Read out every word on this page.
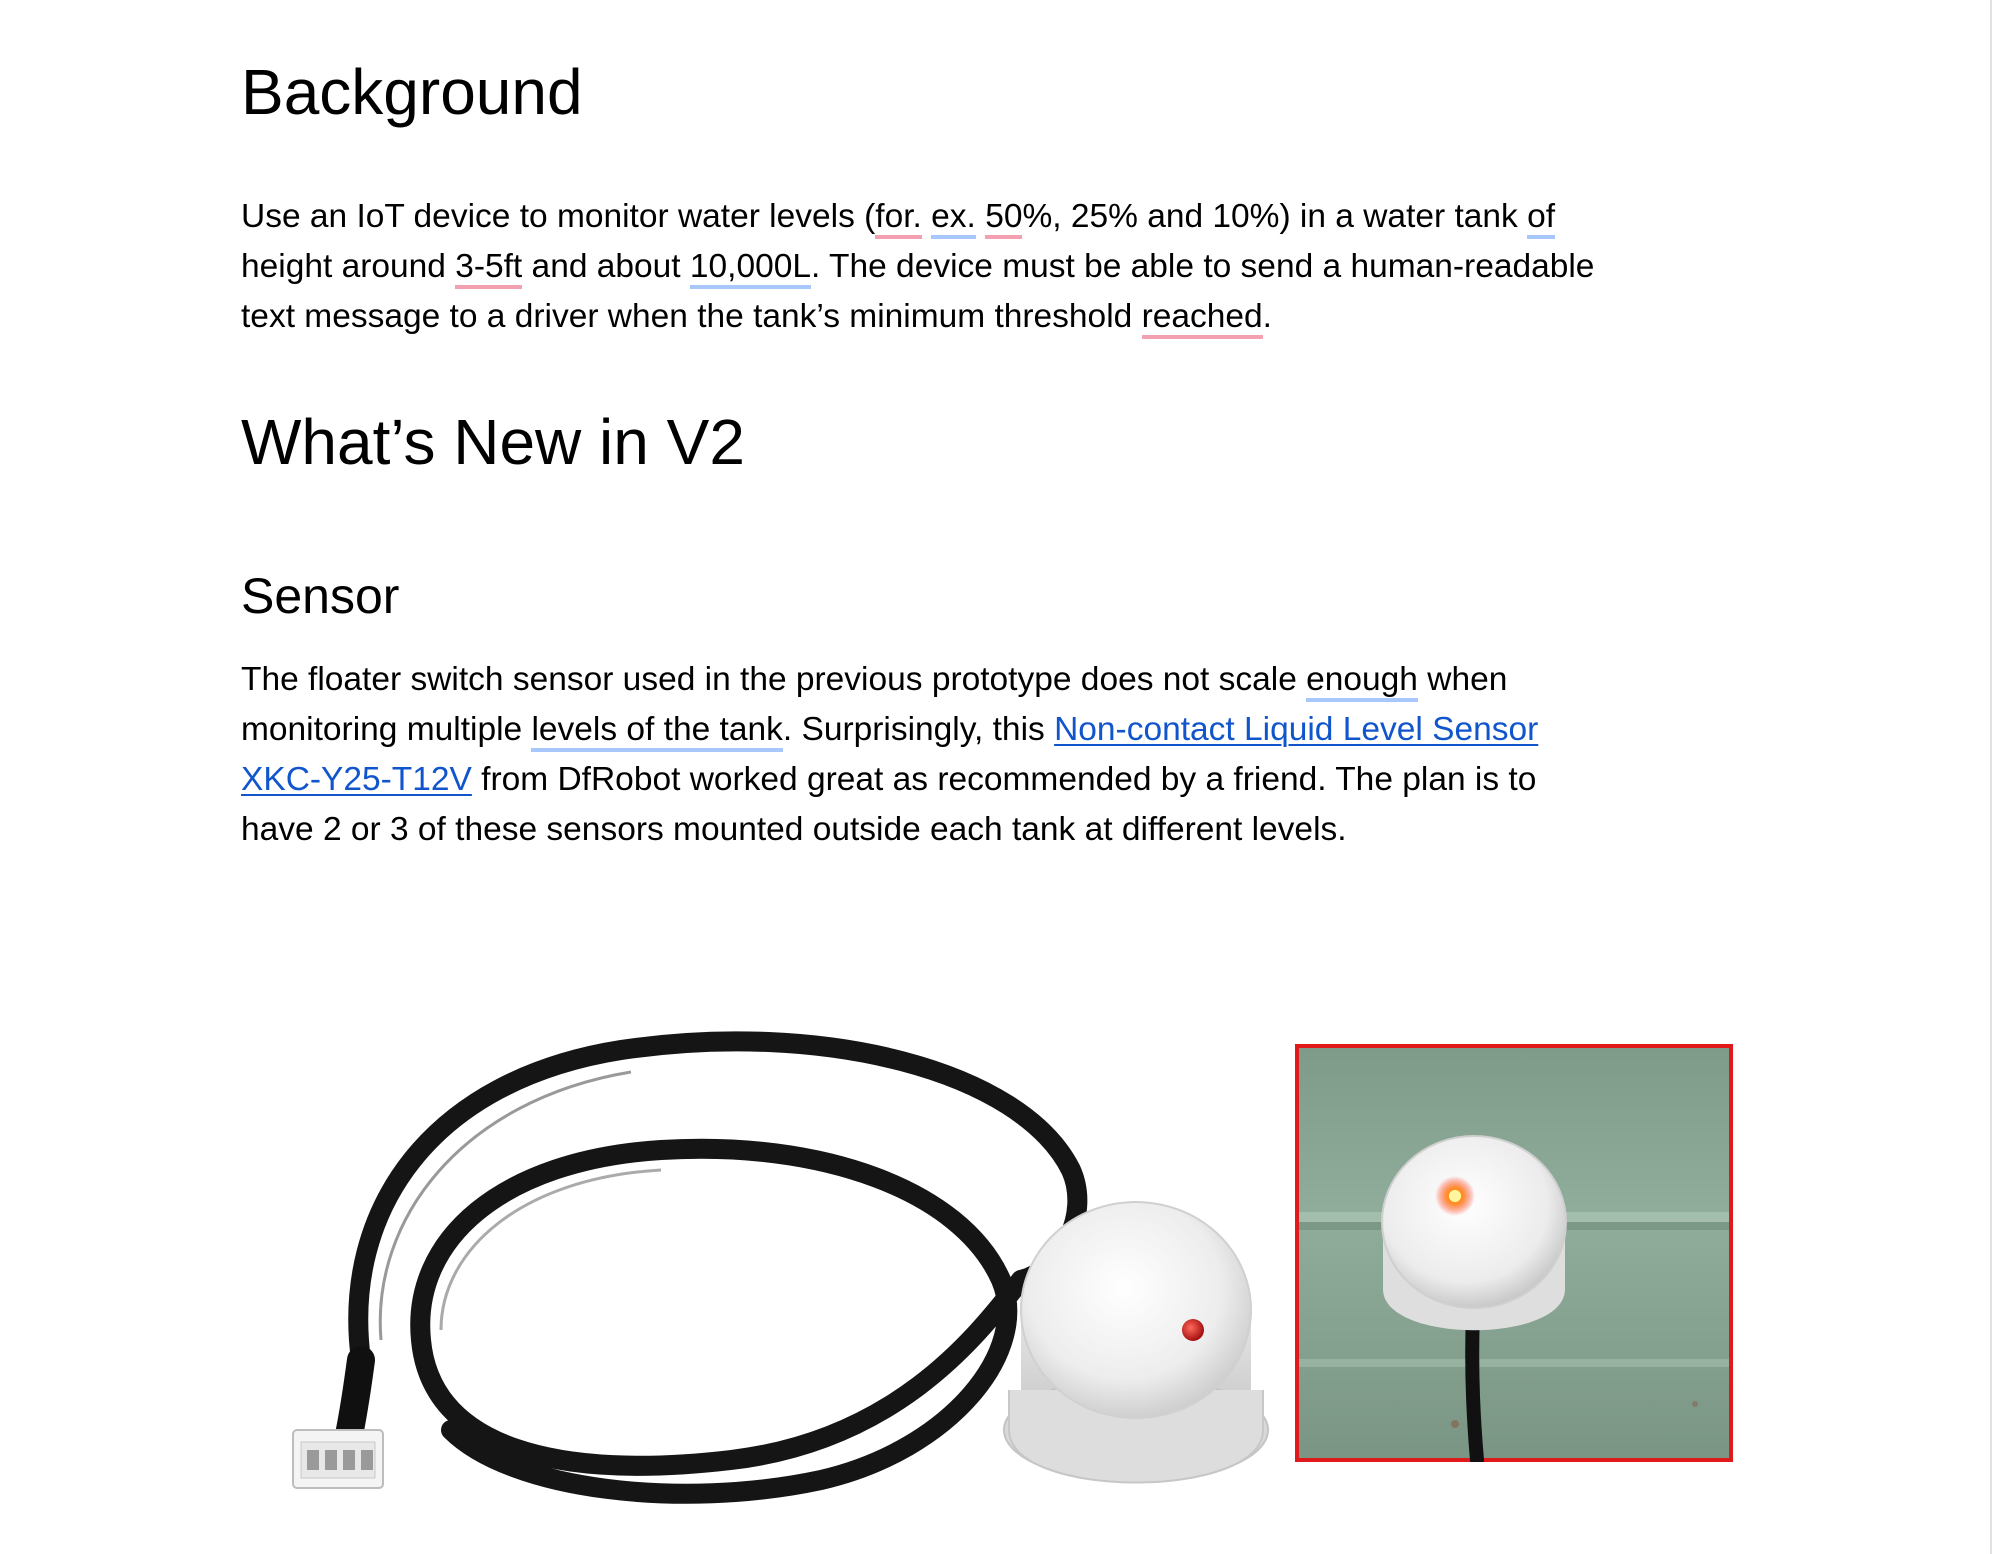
Background
Use an IoT device to monitor water levels (for. ex. 50%, 25% and 10%) in a water tank of
height around 3-5ft and about 10,000L. The device must be able to send a human-readable
text message to a driver when the tank’s minimum threshold reached.
What’s New in V2
Sensor
The floater switch sensor used in the previous prototype does not scale enough when
monitoring multiple levels of the tank. Surprisingly, this Non-contact Liquid Level Sensor
XKC-Y25-T12V from DfRobot worked great as recommended by a friend. The plan is to
have 2 or 3 of these sensors mounted outside each tank at different levels.
